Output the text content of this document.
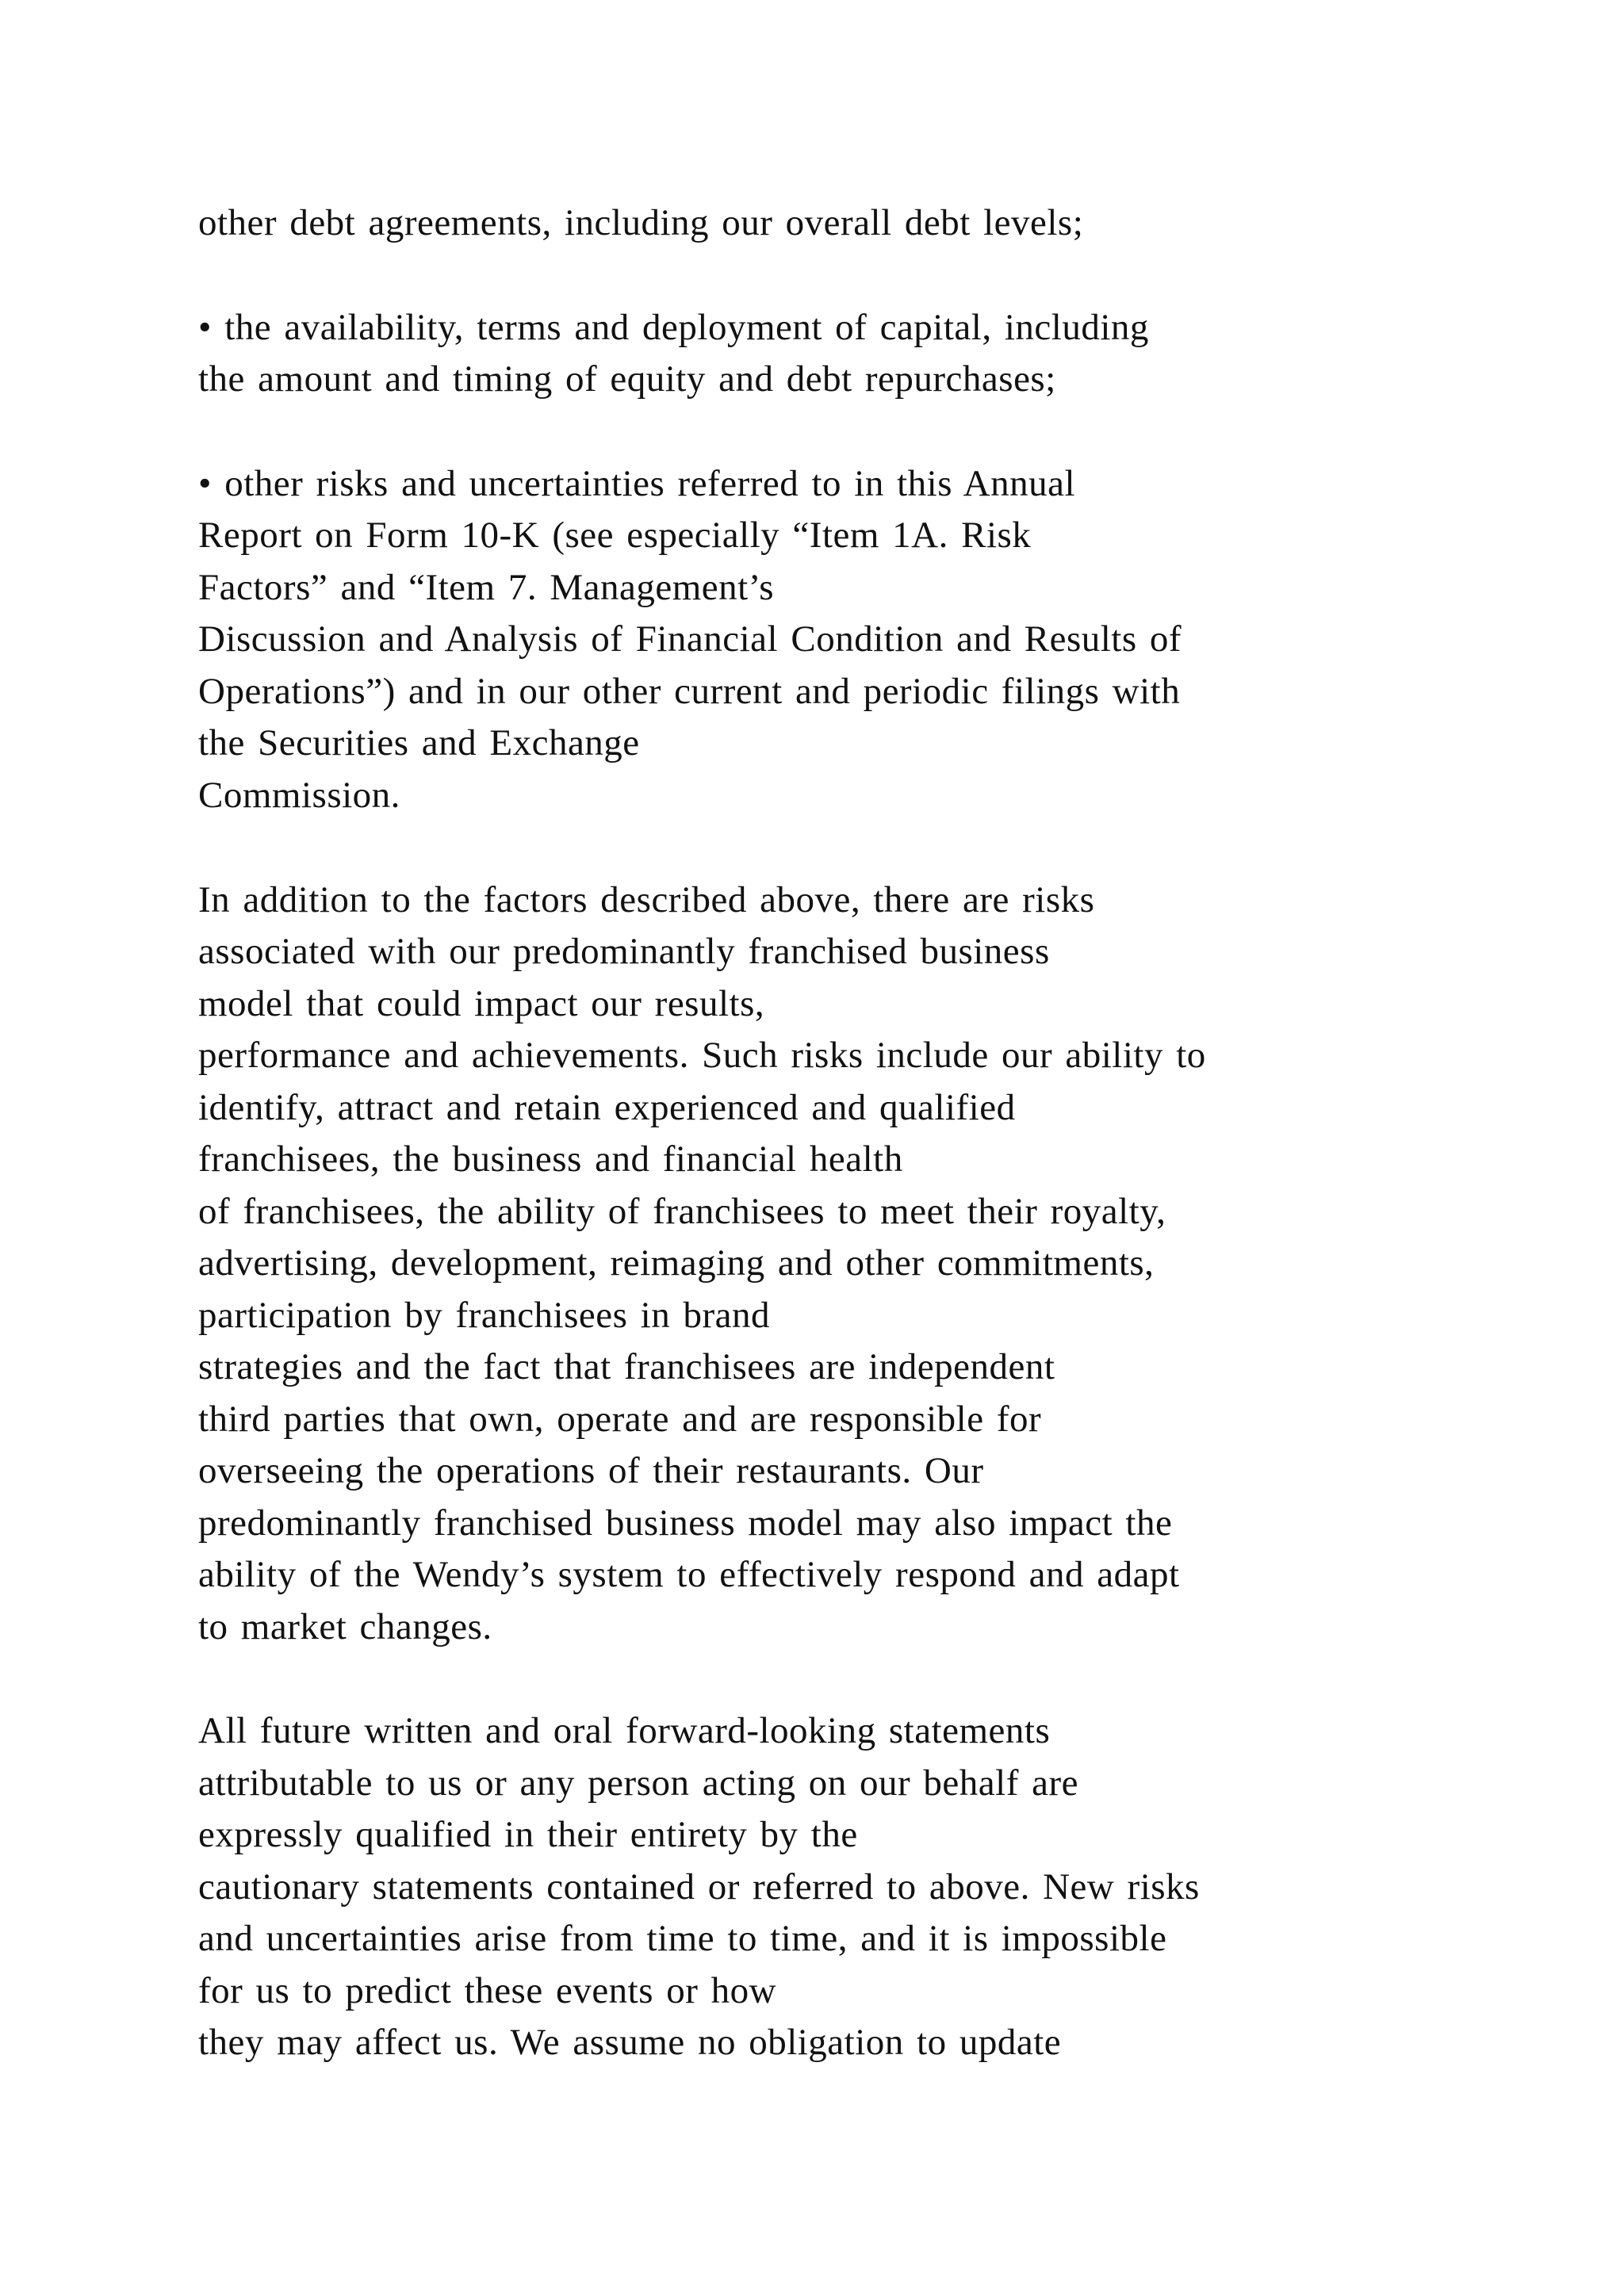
other debt agreements, including our overall debt levels;
• the availability, terms and deployment of capital, including
the amount and timing of equity and debt repurchases;
• other risks and uncertainties referred to in this Annual
Report on Form 10-K (see especially “Item 1A. Risk
Factors” and “Item 7. Management’s
Discussion and Analysis of Financial Condition and Results of
Operations”) and in our other current and periodic filings with
the Securities and Exchange
Commission.
In addition to the factors described above, there are risks
associated with our predominantly franchised business
model that could impact our results,
performance and achievements. Such risks include our ability to
identify, attract and retain experienced and qualified
franchisees, the business and financial health
of franchisees, the ability of franchisees to meet their royalty,
advertising, development, reimaging and other commitments,
participation by franchisees in brand
strategies and the fact that franchisees are independent
third parties that own, operate and are responsible for
overseeing the operations of their restaurants. Our
predominantly franchised business model may also impact the
ability of the Wendy’s system to effectively respond and adapt
to market changes.
All future written and oral forward-looking statements
attributable to us or any person acting on our behalf are
expressly qualified in their entirety by the
cautionary statements contained or referred to above. New risks
and uncertainties arise from time to time, and it is impossible
for us to predict these events or how
they may affect us. We assume no obligation to update
